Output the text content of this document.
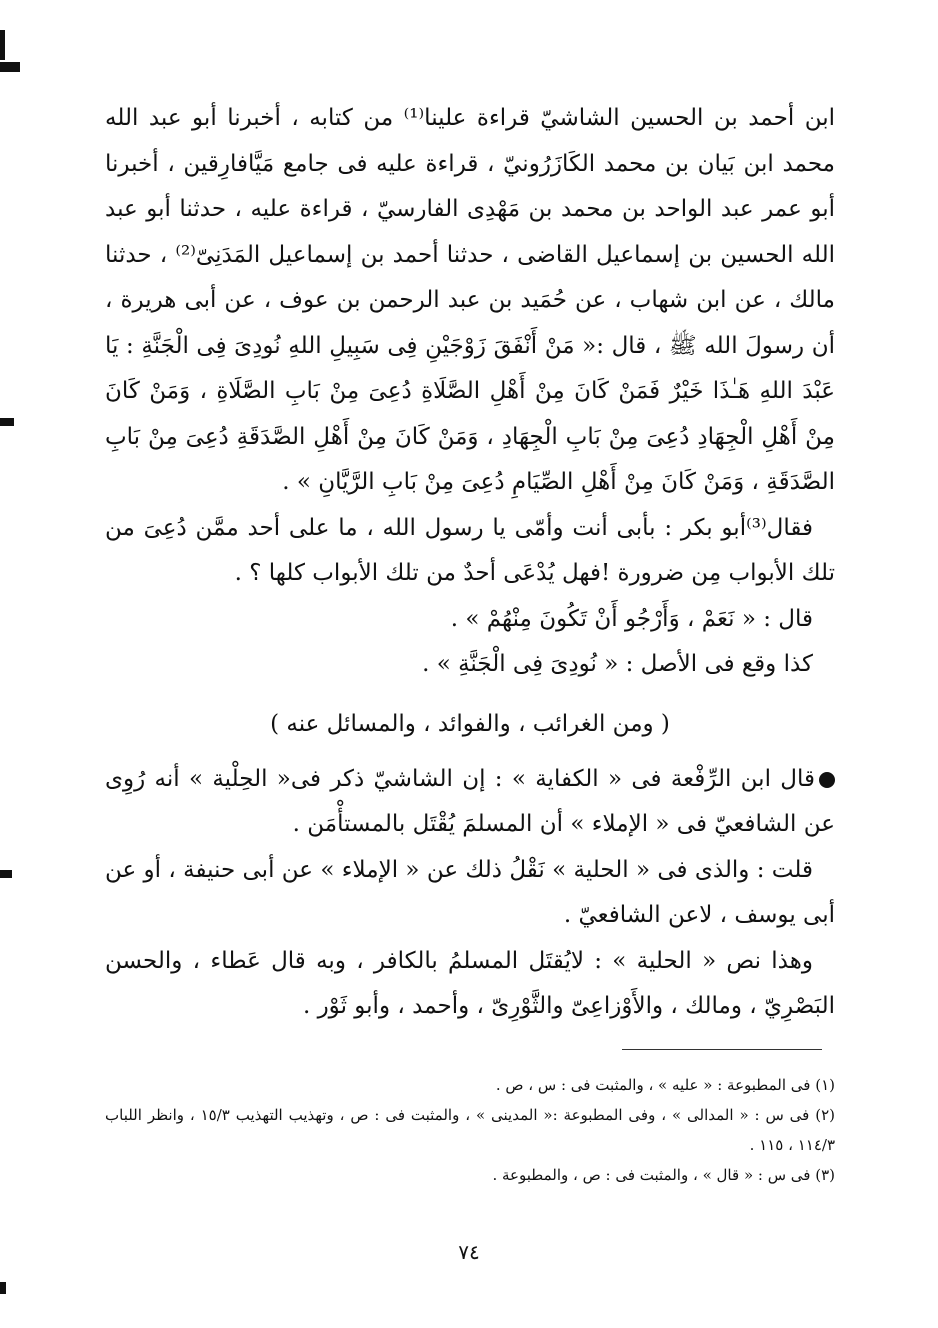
ابن أحمد بن الحسين الشاشيّ قراءة علينا⁽¹⁾ من كتابه ، أخبرنا أبو عبد الله محمد ابن بَيان بن محمد الكَازَرُونيّ ، قراءة عليه فى جامع مَيَّافارِقين ، أخبرنا أبو عمر عبد الواحد بن محمد بن مَهْدِى الفارسيّ ، قراءة عليه ، حدثنا أبو عبد الله الحسين بن إسماعيل القاضى ، حدثنا أحمد بن إسماعيل المَدَنِىّ⁽²⁾ ، حدثنا مالك ، عن ابن شهاب ، عن حُمَيد بن عبد الرحمن بن عوف ، عن أبى هريرة ، أن رسولَ الله ﷺ ، قال :« مَنْ أَنْفَقَ زَوْجَيْنِ فِى سَبِيلِ اللهِ نُودِىَ فِى الْجَنَّةِ : يَا عَبْدَ اللهِ هَـٰذَا خَيْرٌ فَمَنْ كَانَ مِنْ أَهْلِ الصَّلَاةِ دُعِىَ مِنْ بَابِ الصَّلَاةِ ، وَمَنْ كَانَ مِنْ أَهْلِ الْجِهَادِ دُعِىَ مِنْ بَابِ الْجِهَادِ ، وَمَنْ كَانَ مِنْ أَهْلِ الصَّدَقَةِ دُعِىَ مِنْ بَابِ الصَّدَقَةِ ، وَمَنْ كَانَ مِنْ أَهْلِ الصِّيَامِ دُعِىَ مِنْ بَابِ الرَّيَّانِ » .

فقال⁽³⁾أبو بكر : بأبى أنت وأمّى يا رسول الله ، ما على أحد ممَّن دُعِىَ من تلك الأبواب مِن ضرورة !فهل يُدْعَى أحدٌ من تلك الأبواب كلها ؟ .

قال : « نَعَمْ ، وَأَرْجُو أَنْ تَكُونَ مِنْهُمْ » .

كذا وقع فى الأصل : « نُودِىَ فِى الْجَنَّةِ » .

( ومن الغرائب ، والفوائد ، والمسائل عنه )

قال ابن الرِّفْعة فى « الكفاية » : إن الشاشيّ ذكر فى« الحِلْية » أنه رُوِى عن الشافعيّ فى « الإملاء » أن المسلمَ يُقْتَل بالمستأْمَن .

قلت : والذى فى « الحلية » نَقْلُ ذلك عن « الإملاء » عن أبى حنيفة ، أو عن أبى يوسف ، لاعن الشافعيّ .

وهذا نص « الحلية » : لايُقتَل المسلمُ بالكافر ، وبه قال عَطاء ، والحسن البَصْرِيّ ، ومالك ، والأَوْزاعِىّ والثَّوْرِىّ ، وأحمد ، وأبو ثَوْر .

(١) فى المطبوعة : « عليه » ، والمثبت فى : س ، ص .

(٢) فى س : « المدالى » ، وفى المطبوعة :« المدينى » ، والمثبت فى : ص ، وتهذيب التهذيب ١٥/٣ ، وانظر اللباب ١١٤/٣ ، ١١٥ .

(٣) فى س : « قال » ، والمثبت فى : ص ، والمطبوعة .

٧٤
